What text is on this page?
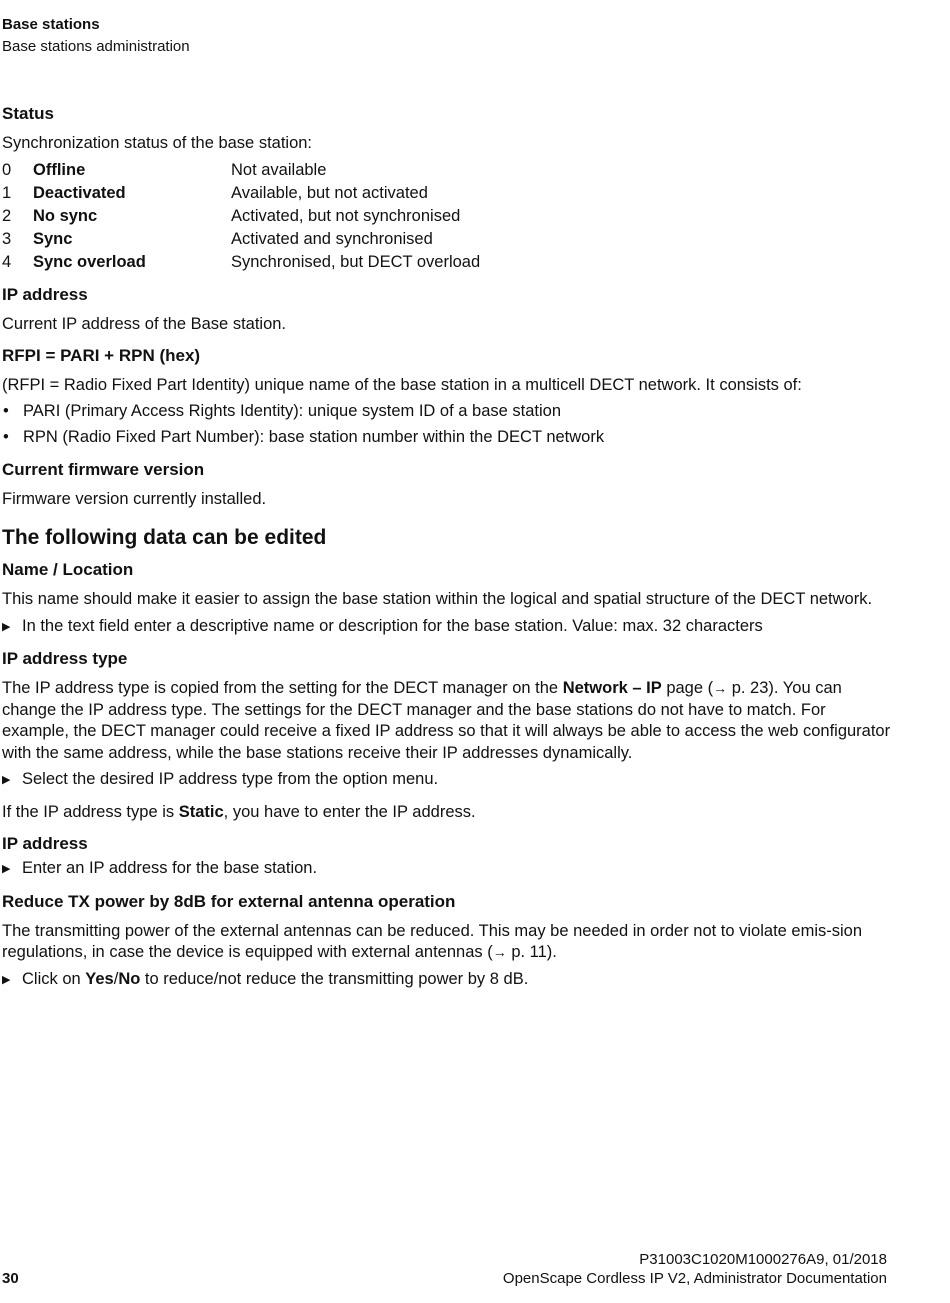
Base stations
Base stations administration
Status

Synchronization status of the base station:

0	Offline	Not available
1	Deactivated	Available, but not activated
2	No sync	Activated, but not synchronised
3	Sync	Activated and synchronised
4	Sync overload	Synchronised, but DECT overload
IP address

Current IP address of the Base station.

RFPI = PARI + RPN (hex)

(RFPI = Radio Fixed Part Identity) unique name of the base station in a multicell DECT network. It consists of:

• PARI (Primary Access Rights Identity): unique system ID of a base station
• RPN (Radio Fixed Part Number): base station number within the DECT network
Current firmware version

Firmware version currently installed.

The following data can be edited
Name / Location

This name should make it easier to assign the base station within the logical and spatial structure of the DECT network.

▶ In the text field enter a descriptive name or description for the base station. Value: max. 32 characters
IP address type

The IP address type is copied from the setting for the DECT manager on the Network – IP page (→ p. 23). You can change the IP address type. The settings for the DECT manager and the base stations do not have to match. For example, the DECT manager could receive a fixed IP address so that it will always be able to access the web configurator with the same address, while the base stations receive their IP addresses dynamically.

▶ Select the desired IP address type from the option menu.

If the IP address type is Static, you have to enter the IP address.

IP address
▶ Enter an IP address for the base station.
Reduce TX power by 8dB for external antenna operation

The transmitting power of the external antennas can be reduced. This may be needed in order not to violate emis-sion regulations, in case the device is equipped with external antennas (→ p. 11).

▶ Click on Yes/No to reduce/not reduce the transmitting power by 8 dB.
P31003C1020M1000276A9, 01/2018
OpenScape Cordless IP V2, Administrator Documentation
30
